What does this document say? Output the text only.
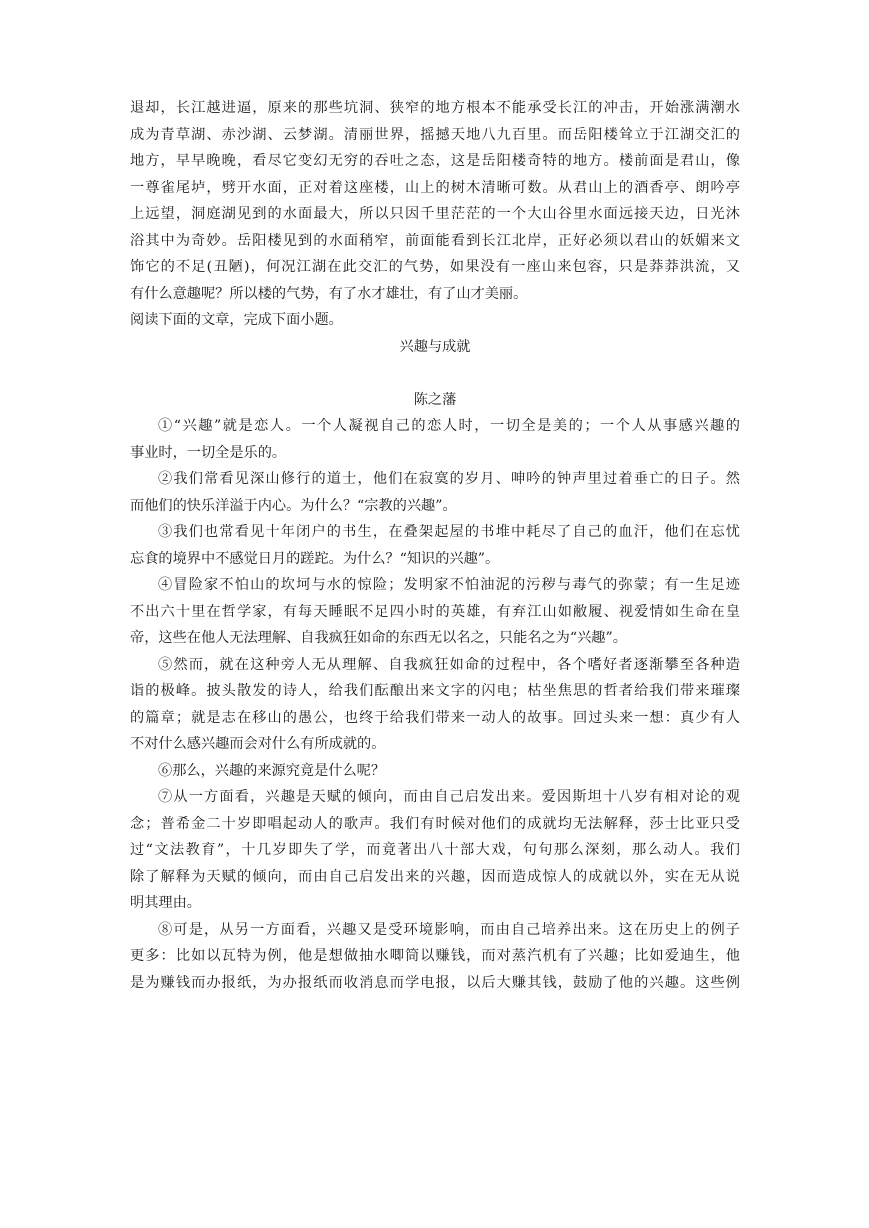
退却，长江越进逼，原来的那些坑洞、狭窄的地方根本不能承受长江的冲击，开始涨满潮水

成为青草湖、赤沙湖、云梦湖。清丽世界，摇撼天地八九百里。而岳阳楼耸立于江湖交汇的

地方，早早晚晚，看尽它变幻无穷的吞吐之态，这是岳阳楼奇特的地方。楼前面是君山，像

一尊雀尾垆，劈开水面，正对着这座楼，山上的树木清晰可数。从君山上的酒香亭、朗吟亭

上远望，洞庭湖见到的水面最大，所以只因千里茫茫的一个大山谷里水面远接天边，日光沐

浴其中为奇妙。岳阳楼见到的水面稍窄，前面能看到长江北岸，正好必须以君山的妖媚来文

饰它的不足(丑陋)，何况江湖在此交汇的气势，如果没有一座山来包容，只是莽莽洪流，又

有什么意趣呢？所以楼的气势，有了水才雄壮，有了山才美丽。

阅读下面的文章，完成下面小题。

兴趣与成就

陈之藩

①“兴趣”就是恋人。一个人凝视自己的恋人时，一切全是美的；一个人从事感兴趣的

事业时，一切全是乐的。

②我们常看见深山修行的道士，他们在寂寞的岁月、呻吟的钟声里过着垂亡的日子。然

而他们的快乐洋溢于内心。为什么？“宗教的兴趣”。

③我们也常看见十年闭户的书生，在叠架起屋的书堆中耗尽了自己的血汗，他们在忘忧

忘食的境界中不感觉日月的蹉跎。为什么？“知识的兴趣”。

④冒险家不怕山的坎坷与水的惊险；发明家不怕油泥的污秽与毒气的弥蒙；有一生足迹

不出六十里在哲学家，有每天睡眠不足四小时的英雄，有弃江山如敝履、视爱情如生命在皇

帝，这些在他人无法理解、自我疯狂如命的东西无以名之，只能名之为“兴趣”。

⑤然而，就在这种旁人无从理解、自我疯狂如命的过程中，各个嗜好者逐渐攀至各种造

诣的极峰。披头散发的诗人，给我们酝酿出来文字的闪电；枯坐焦思的哲者给我们带来璀璨

的篇章；就是志在移山的愚公，也终于给我们带来一动人的故事。回过头来一想：真少有人

不对什么感兴趣而会对什么有所成就的。

⑥那么，兴趣的来源究竟是什么呢？

⑦从一方面看，兴趣是天赋的倾向，而由自己启发出来。爱因斯坦十八岁有相对论的观

念；普希金二十岁即唱起动人的歌声。我们有时候对他们的成就均无法解释，莎士比亚只受

过“文法教育”，十几岁即失了学，而竟著出八十部大戏，句句那么深刻，那么动人。我们

除了解释为天赋的倾向，而由自己启发出来的兴趣，因而造成惊人的成就以外，实在无从说

明其理由。

⑧可是，从另一方面看，兴趣又是受环境影响，而由自己培养出来。这在历史上的例子

更多：比如以瓦特为例，他是想做抽水唧筒以赚钱，而对蒸汽机有了兴趣；比如爱迪生，他

是为赚钱而办报纸，为办报纸而收消息而学电报，以后大赚其钱，鼓励了他的兴趣。这些例
